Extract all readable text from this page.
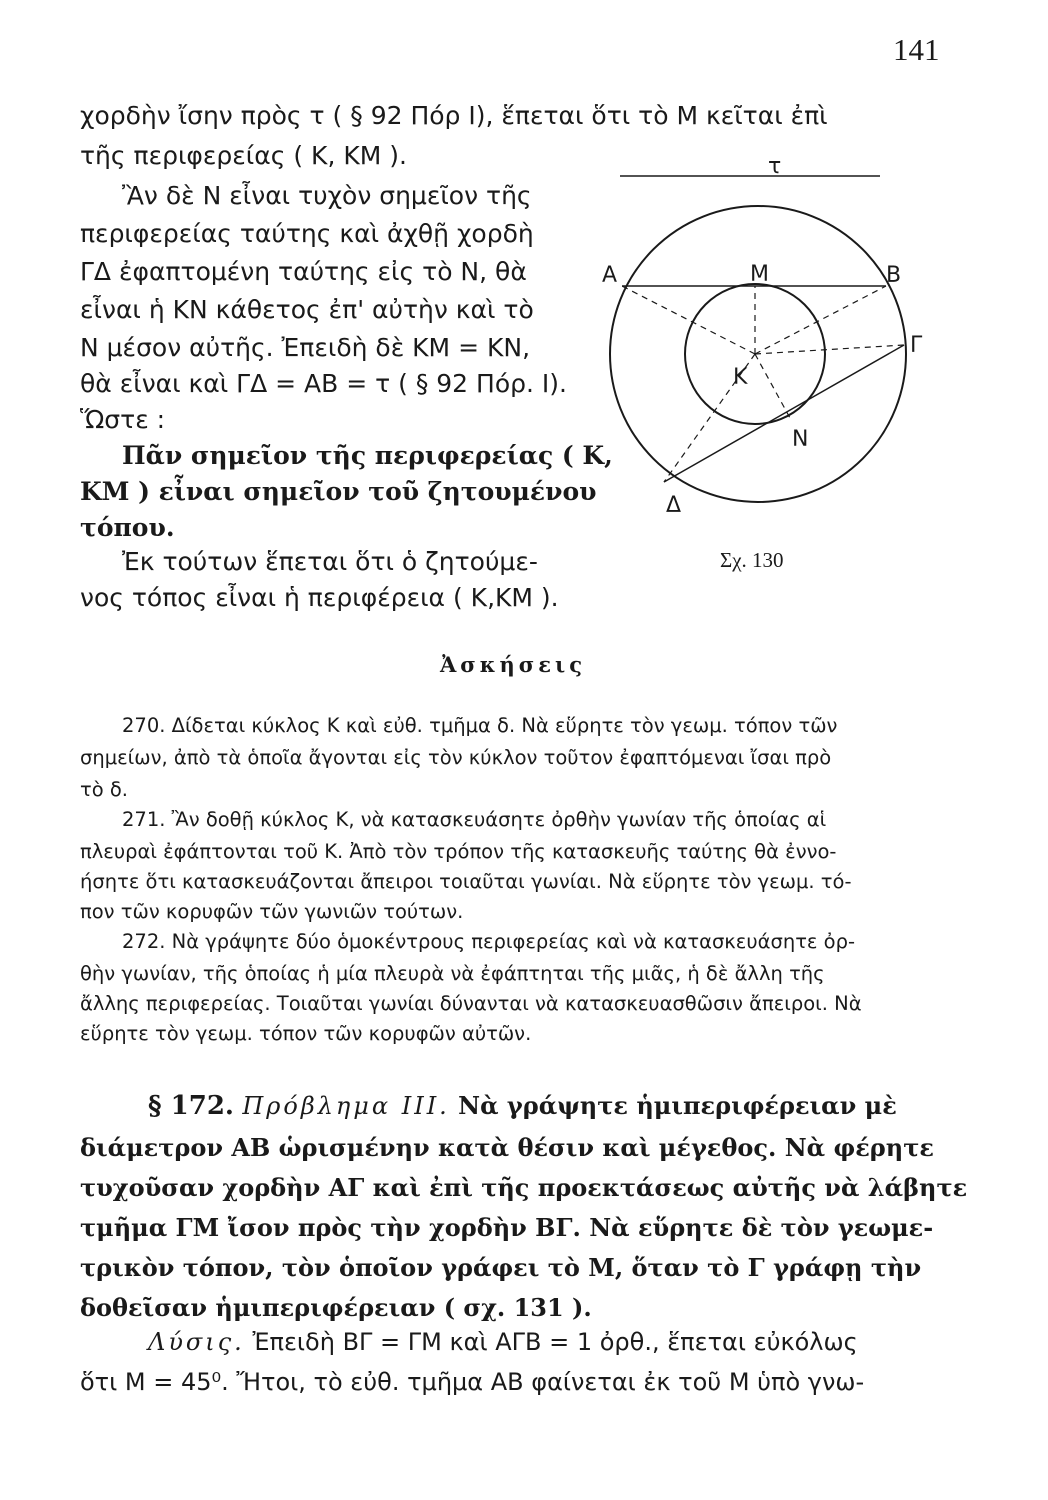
141
χορδὴν ἴσην πρὸς τ ( § 92 Πόρ Ι), ἕπεται ὅτι τὸ Μ κεῖται ἐπὶ
τῆς περιφερείας ( Κ, ΚΜ ).
Ἂν δὲ Ν εἶναι τυχὸν σημεῖον τῆς
περιφερείας ταύτης καὶ ἀχθῇ χορδὴ
ΓΔ ἐφαπτομένη ταύτης εἰς τὸ Ν, θὰ
εἶναι ἡ ΚΝ κάθετος ἐπ' αὐτὴν καὶ τὸ
Ν μέσον αὐτῆς. Ἐπειδὴ δὲ ΚΜ = ΚΝ,
θὰ εἶναι καὶ ΓΔ = ΑΒ = τ ( § 92 Πόρ. Ι).
Ὥστε :
Πᾶν σημεῖον τῆς περιφερείας ( Κ,
ΚΜ ) εἶναι σημεῖον τοῦ ζητουμένου
τόπου.
Ἐκ τούτων ἕπεται ὅτι ὁ ζητούμε-
νος τόπος εἶναι ἡ περιφέρεια ( Κ,ΚΜ ).
τ
Α	Μ	Β
Κ
Γ
Ν
Δ
Σχ. 130
Ἀσκήσεις
270. Δίδεται κύκλος Κ καὶ εὐθ. τμῆμα δ. Νὰ εὕρητε τὸν γεωμ. τόπον τῶν
σημείων, ἀπὸ τὰ ὁποῖα ἄγονται εἰς τὸν κύκλον τοῦτον ἐφαπτόμεναι ἴσαι πρὸ
τὸ δ.
271. Ἂν δοθῇ κύκλος Κ, νὰ κατασκευάσητε ὀρθὴν γωνίαν τῆς ὁποίας αἱ
πλευραὶ ἐφάπτονται τοῦ Κ. Ἀπὸ τὸν τρόπον τῆς κατασκευῆς ταύτης θὰ ἐννο-
ήσητε ὅτι κατασκευάζονται ἄπειροι τοιαῦται γωνίαι. Νὰ εὕρητε τὸν γεωμ. τό-
πον τῶν κορυφῶν τῶν γωνιῶν τούτων.
272. Νὰ γράψητε δύο ὁμοκέντρους περιφερείας καὶ νὰ κατασκευάσητε ὀρ-
θὴν γωνίαν, τῆς ὁποίας ἡ μία πλευρὰ νὰ ἐφάπτηται τῆς μιᾶς, ἡ δὲ ἄλλη τῆς
ἄλλης περιφερείας. Τοιαῦται γωνίαι δύνανται νὰ κατασκευασθῶσιν ἄπειροι. Νὰ
εὕρητε τὸν γεωμ. τόπον τῶν κορυφῶν αὐτῶν.
§ 172. Πρόβλημα ΙΙΙ. Νὰ γράψητε ἡμιπεριφέρειαν μὲ
διάμετρον ΑΒ ὡρισμένην κατὰ θέσιν καὶ μέγεθος. Νὰ φέρητε
τυχοῦσαν χορδὴν ΑΓ καὶ ἐπὶ τῆς προεκτάσεως αὐτῆς νὰ λάβητε
τμῆμα ΓΜ ἴσον πρὸς τὴν χορδὴν ΒΓ. Νὰ εὕρητε δὲ τὸν γεωμε-
τρικὸν τόπον, τὸν ὁποῖον γράφει τὸ Μ, ὅταν τὸ Γ γράφῃ τὴν
δοθεῖσαν ἡμιπεριφέρειαν ( σχ. 131 ).
Λύσις. Ἐπειδὴ ΒΓ = ΓΜ καὶ ΑΓΒ = 1 ὀρθ., ἕπεται εὐκόλως
ὅτι Μ = 45⁰. Ἤτοι, τὸ εὐθ. τμῆμα ΑΒ φαίνεται ἐκ τοῦ Μ ὑπὸ γνω-
